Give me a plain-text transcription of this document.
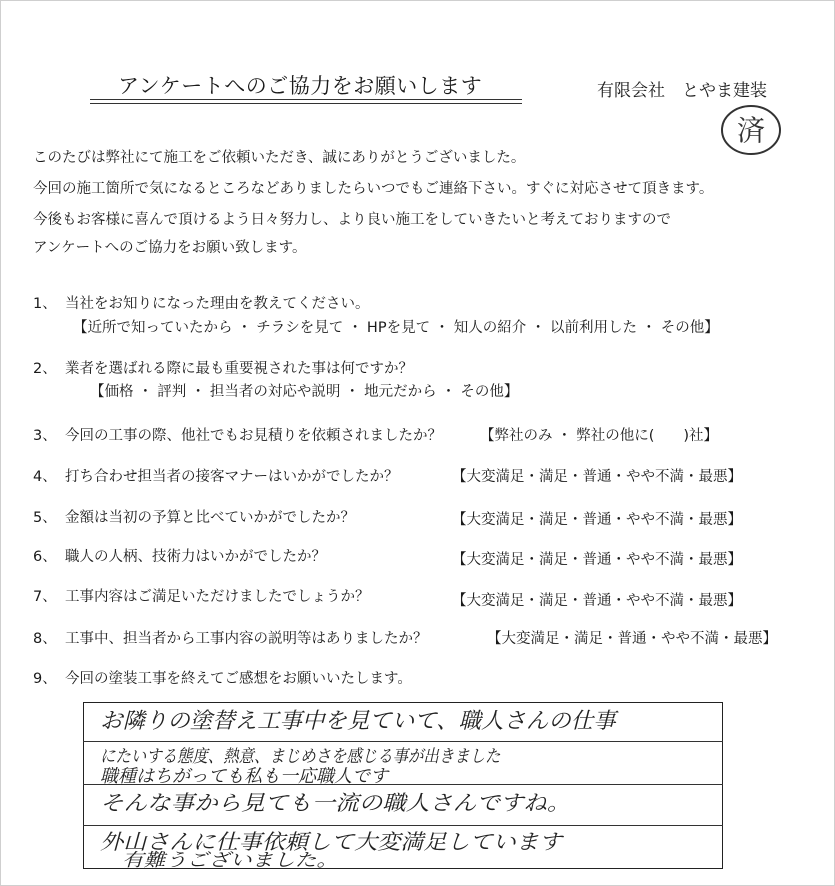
アンケートへのご協力をお願いします	有限会社　とやま建装
済
このたびは弊社にて施工をご依頼いただき、誠にありがとうございました。
今回の施工箇所で気になるところなどありましたらいつでもご連絡下さい。すぐに対応させて頂きます。
今後もお客様に喜んで頂けるよう日々努力し、より良い施工をしていきたいと考えておりますので
アンケートへのご協力をお願い致します。
1、 当社をお知りになった理由を教えてください。
【近所で知っていたから ・ チラシを見て ・ HPを見て ・ 知人の紹介 ・ 以前利用した ・ その他】
2、 業者を選ばれる際に最も重要視された事は何ですか？
【価格 ・ 評判 ・ 担当者の対応や説明 ・ 地元だから ・ その他】
3、 今回の工事の際、他社でもお見積りを依頼されましたか？	【弊社のみ ・ 弊社の他に(　　)社】
4、 打ち合わせ担当者の接客マナーはいかがでしたか？	【大変満足・満足・普通・やや不満・最悪】
5、 金額は当初の予算と比べていかがでしたか？	【大変満足・満足・普通・やや不満・最悪】
6、 職人の人柄、技術力はいかがでしたか？	【大変満足・満足・普通・やや不満・最悪】
7、 工事内容はご満足いただけましたでしょうか？	【大変満足・満足・普通・やや不満・最悪】
8、 工事中、担当者から工事内容の説明等はありましたか？	【大変満足・満足・普通・やや不満・最悪】
9、 今回の塗装工事を終えてご感想をお願いいたします。
お隣りの塗替え工事中を見ていて、職人さんの仕事
にたいする態度、熱意、まじめさを感じる事が出きました
職種はちがっても私も一応職人です
そんな事から見ても一流の職人さんですね。
外山さんに仕事依頼して大変満足しています
有難うございました。
